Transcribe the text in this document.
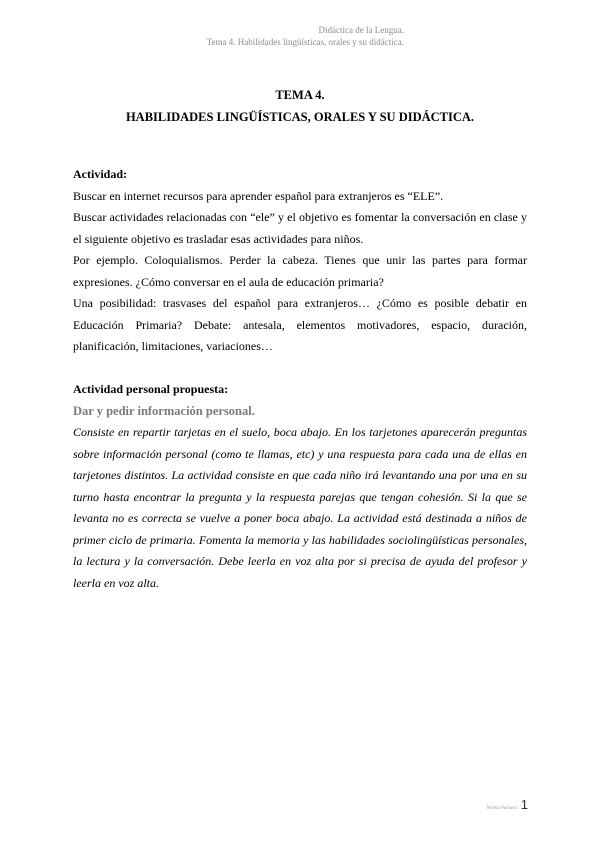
Didáctica de la Lengua.
Tema 4. Habilidades lingüísticas, orales y su didáctica.
TEMA 4.
HABILIDADES LINGÜÍSTICAS, ORALES Y SU DIDÁCTICA.

Actividad:

Buscar en internet recursos para aprender español para extranjeros es “ELE”.

Buscar actividades relacionadas con “ele” y el objetivo es fomentar la conversación en clase y el siguiente objetivo es trasladar esas actividades para niños.

Por ejemplo. Coloquialismos. Perder la cabeza. Tienes que unir las partes para formar expresiones. ¿Cómo conversar en el aula de educación primaria?

Una posibilidad: trasvases del español para extranjeros… ¿Cómo es posible debatir en Educación Primaria? Debate: antesala, elementos motivadores, espacio, duración, planificación, limitaciones, variaciones…

Actividad personal propuesta:

Dar y pedir información personal.

Consiste en repartir tarjetas en el suelo, boca abajo. En los tarjetones aparecerán preguntas sobre información personal (como te llamas, etc) y una respuesta para cada una de ellas en tarjetones distintos. La actividad consiste en que cada niño irá levantando una por una en su turno hasta encontrar la pregunta y la respuesta parejas que tengan cohesión. Si la que se levanta no es correcta se vuelve a poner boca abajo. La actividad está destinada a niños de primer ciclo de primaria. Fomenta la memoria y las habilidades sociolingüísticas personales, la lectura y la conversación. Debe leerla en voz alta por si precisa de ayuda del profesor y leerla en voz alta.

Noelia Pacheco 1
